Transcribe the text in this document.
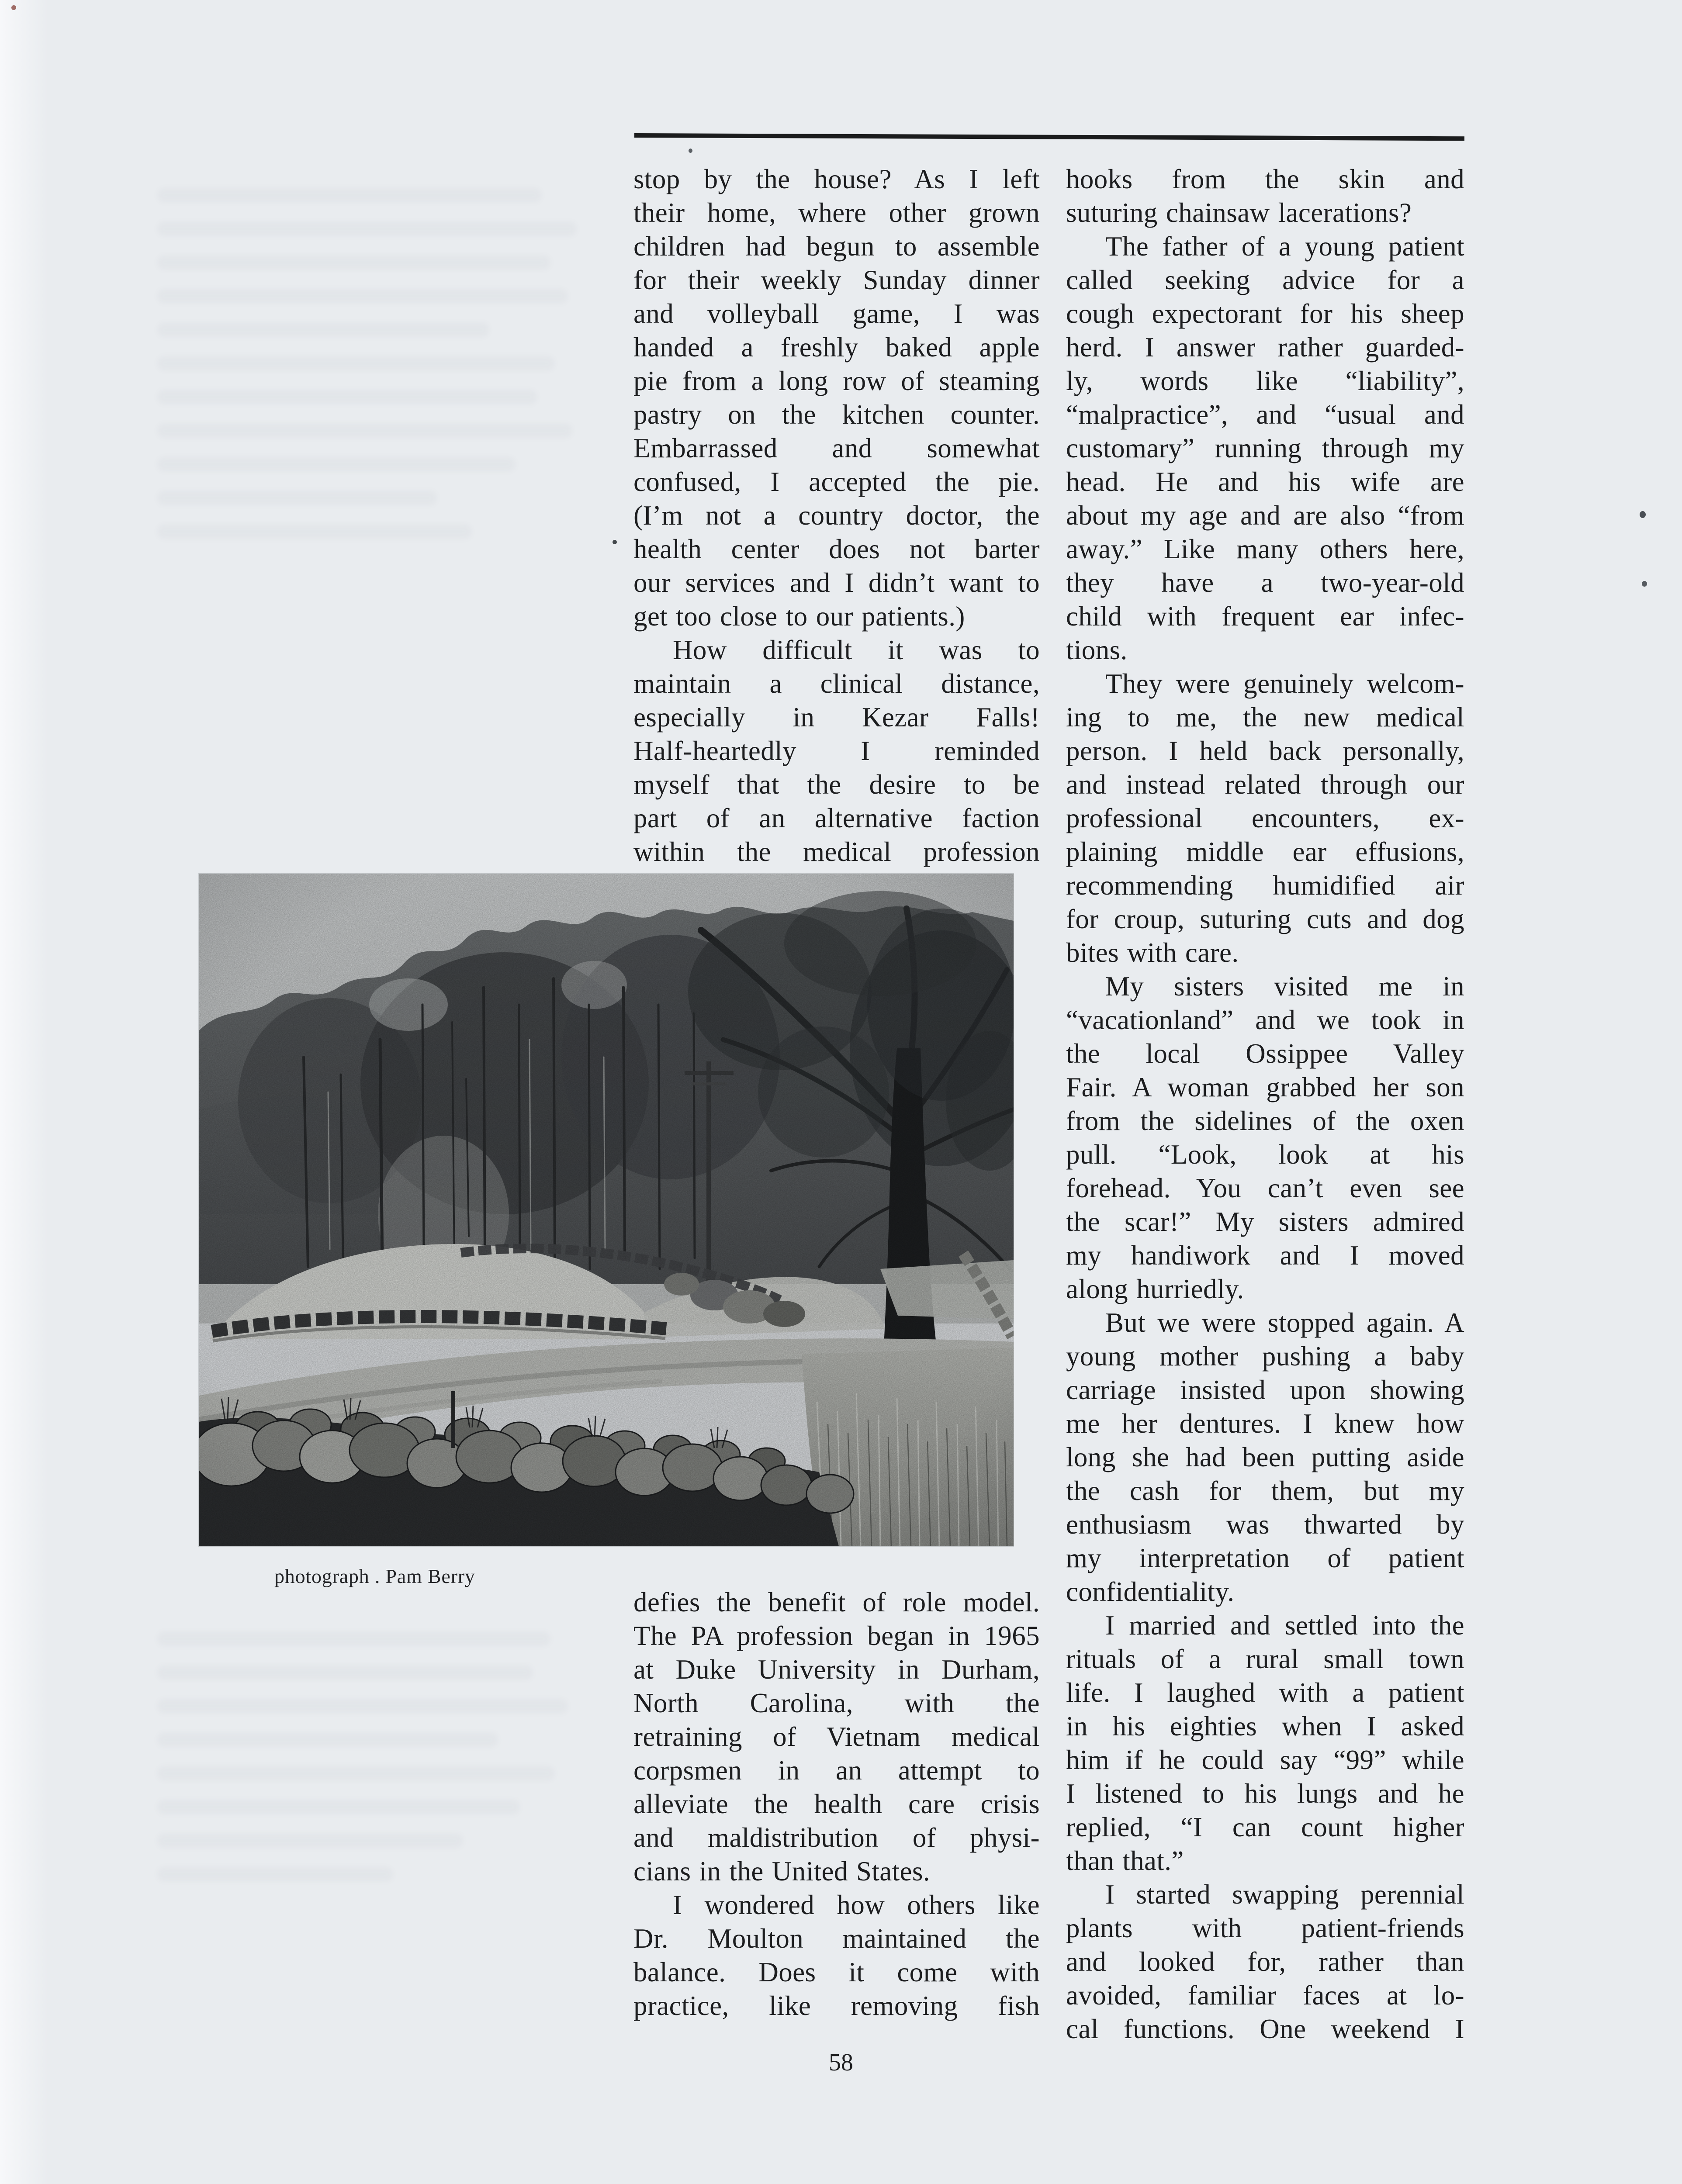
stop by the house? As I left
their home, where other grown
children had begun to assemble
for their weekly Sunday dinner
and volleyball game, I was
handed a freshly baked apple
pie from a long row of steaming
pastry on the kitchen counter.
Embarrassed and somewhat
confused, I accepted the pie.
(I’m not a country doctor, the
health center does not barter
our services and I didn’t want to
get too close to our patients.)
How difficult it was to
maintain a clinical distance,
especially in Kezar Falls!
Half-heartedly I reminded
myself that the desire to be
part of an alternative faction
within the medical profession
hooks from the skin and
suturing chainsaw lacerations?
The father of a young patient
called seeking advice for a
cough expectorant for his sheep
herd. I answer rather guarded-
ly, words like “liability”,
“malpractice”, and “usual and
customary” running through my
head. He and his wife are
about my age and are also “from
away.” Like many others here,
they have a two-year-old
child with frequent ear infec-
tions.
They were genuinely welcom-
ing to me, the new medical
person. I held back personally,
and instead related through our
professional encounters, ex-
plaining middle ear effusions,
recommending humidified air
for croup, suturing cuts and dog
bites with care.
My sisters visited me in
“vacationland” and we took in
the local Ossippee Valley
Fair. A woman grabbed her son
from the sidelines of the oxen
pull. “Look, look at his
forehead. You can’t even see
the scar!” My sisters admired
my handiwork and I moved
along hurriedly.
But we were stopped again. A
young mother pushing a baby
carriage insisted upon showing
me her dentures. I knew how
long she had been putting aside
the cash for them, but my
enthusiasm was thwarted by
my interpretation of patient
confidentiality.
I married and settled into the
rituals of a rural small town
life. I laughed with a patient
in his eighties when I asked
him if he could say “99” while
I listened to his lungs and he
replied, “I can count higher
than that.”
I started swapping perennial
plants with patient-friends
and looked for, rather than
avoided, familiar faces at lo-
cal functions. One weekend I
photograph . Pam Berry
defies the benefit of role model.
The PA profession began in 1965
at Duke University in Durham,
North Carolina, with the
retraining of Vietnam medical
corpsmen in an attempt to
alleviate the health care crisis
and maldistribution of physi-
cians in the United States.
I wondered how others like
Dr. Moulton maintained the
balance. Does it come with
practice, like removing fish
58
